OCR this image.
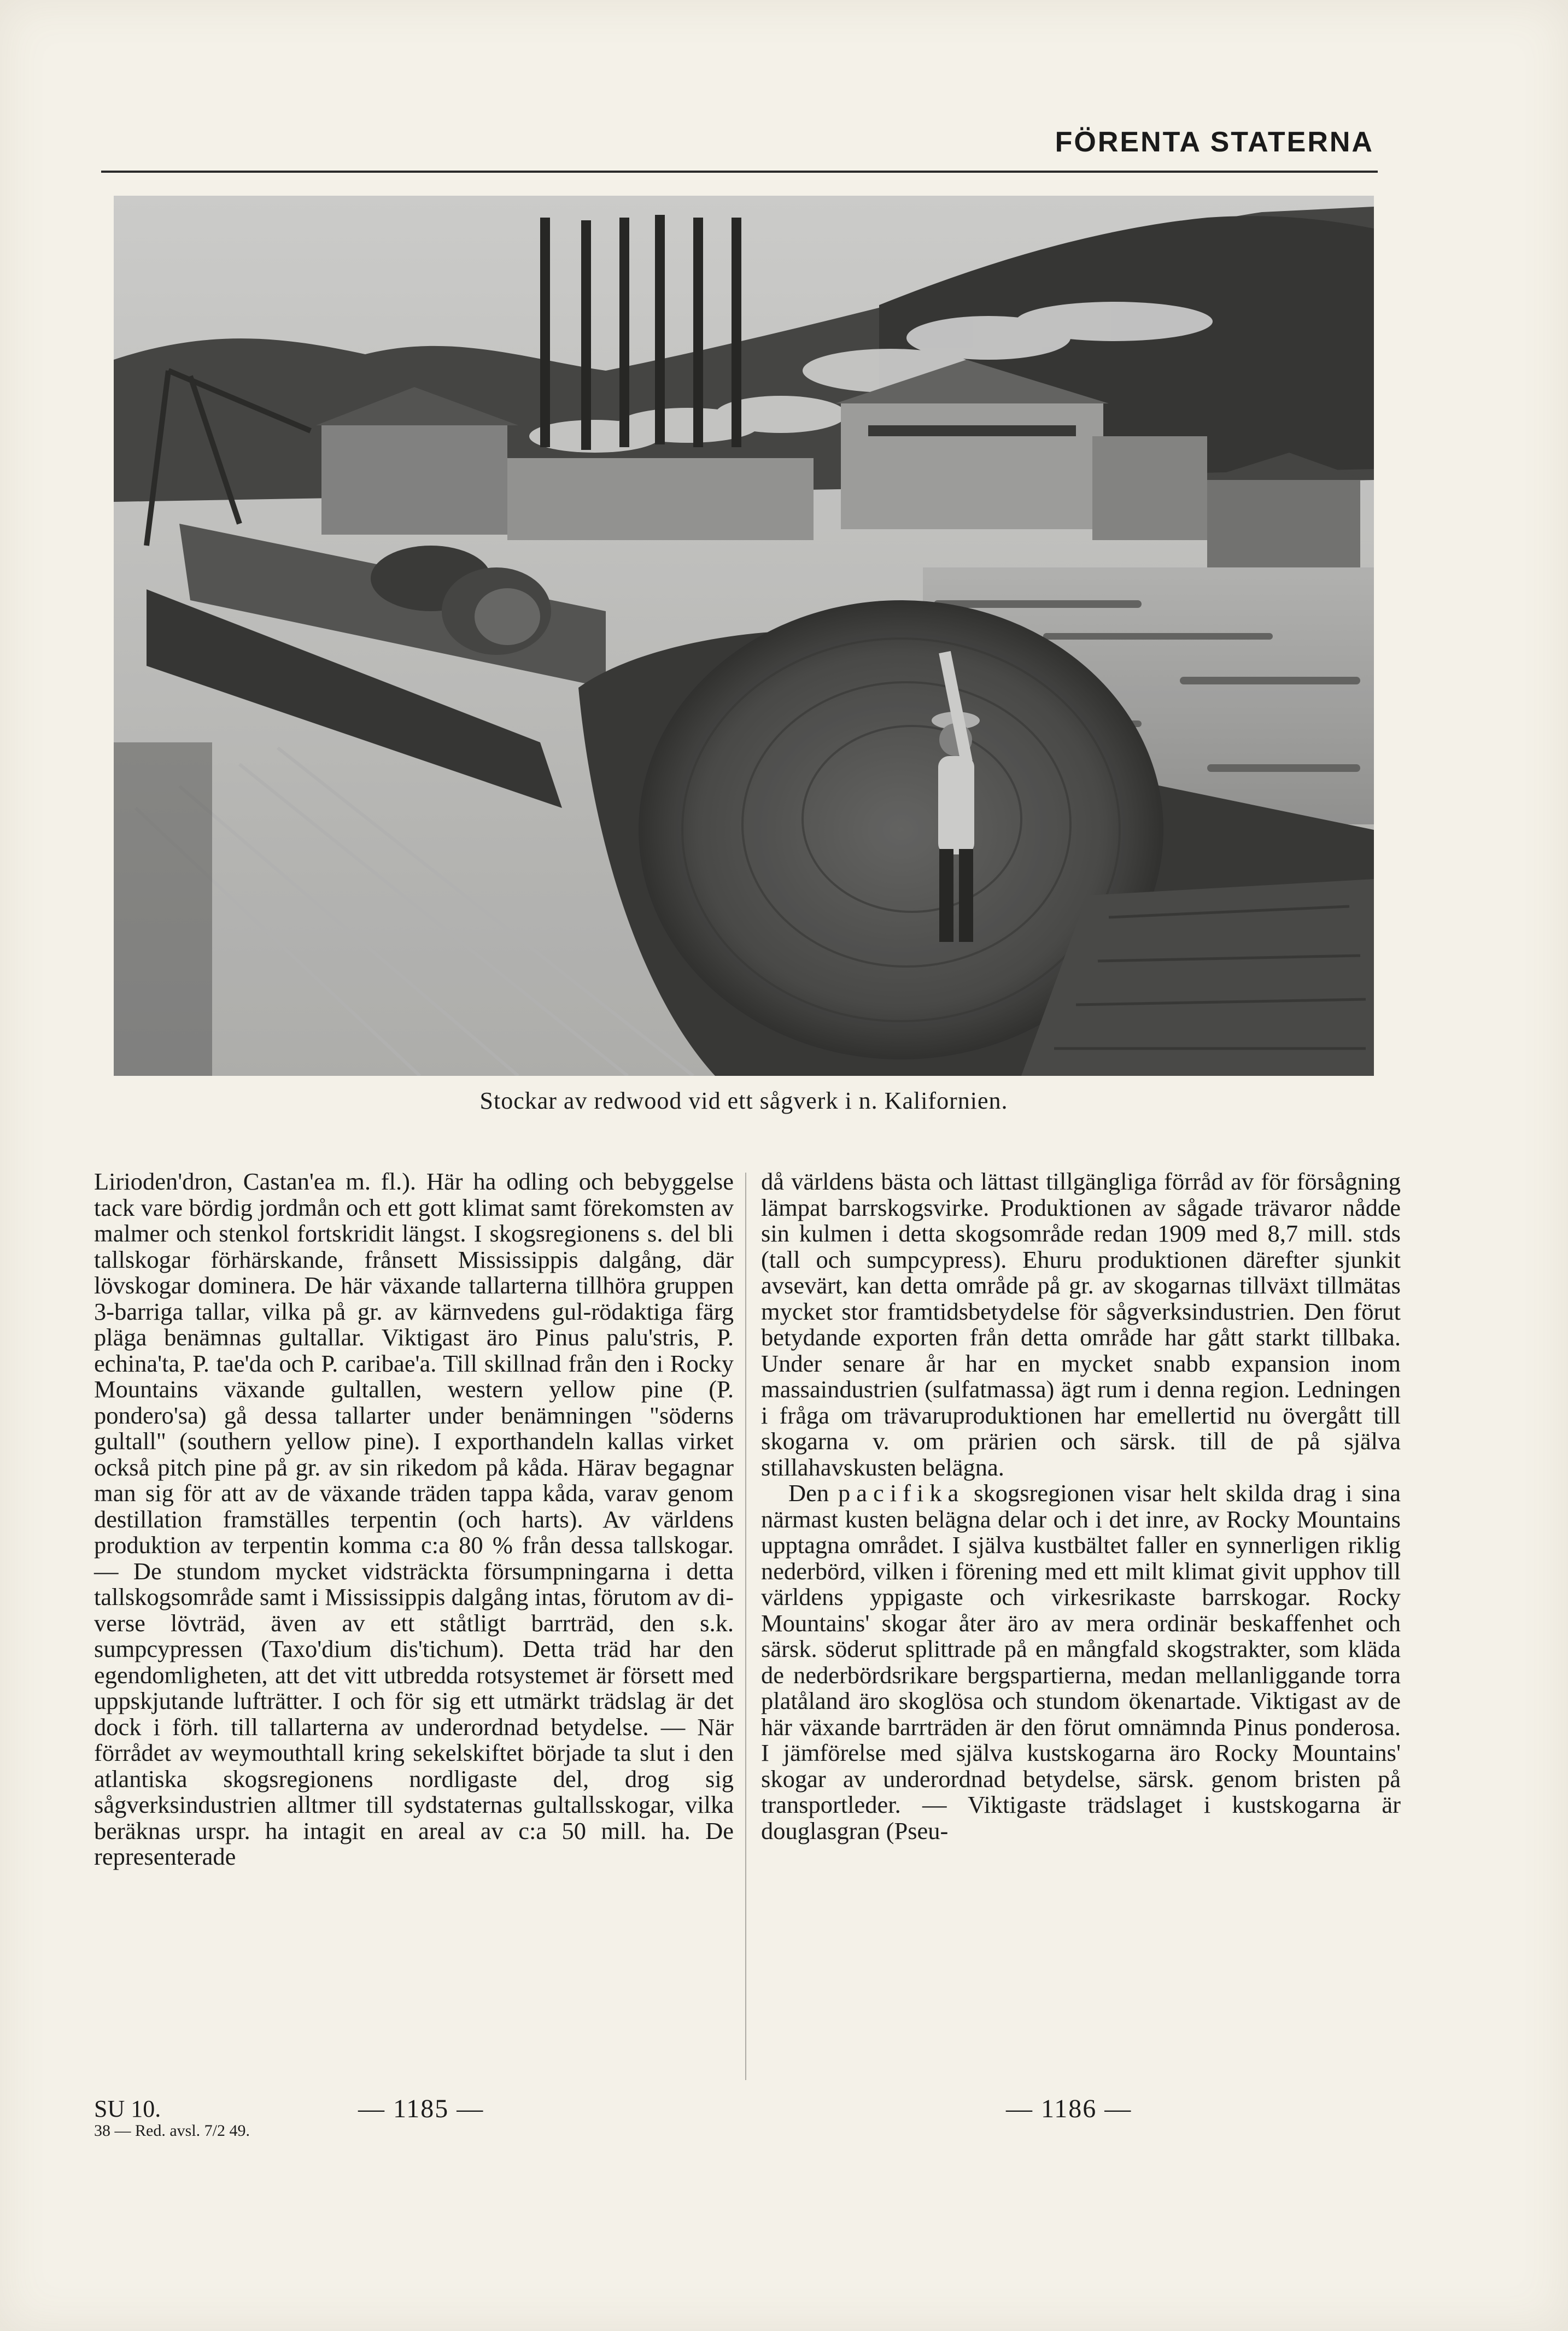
FÖRENTA STATERNA
Stockar av redwood vid ett sågverk i n. Kalifornien.

Lirioden'dron, Castan'ea m. fl.). Här ha odling och bebyggelse tack vare bördig jordmån och ett gott klimat samt förekomsten av malmer och stenkol fortskridit längst. I skogsregionens s. del bli tallskogar förhärskande, frånsett Mississippis dalgång, där lövskogar dominera. De här växande tallarterna tillhöra gruppen 3-barriga tallar, vilka på gr. av kärnvedens gul-rödaktiga färg pläga benämnas gultallar. Viktigast äro Pinus palu'stris, P. echina'ta, P. tae'da och P. caribae'a. Till skillnad från den i Rocky Mountains växande gultallen, western yellow pine (P. pondero'sa) gå dessa tallarter under benämningen "söderns gultall" (southern yellow pine). I exporthandeln kallas virket också pitch pine på gr. av sin rikedom på kåda. Härav begagnar man sig för att av de växande träden tappa kåda, varav genom destillation framställes terpentin (och harts). Av världens produktion av terpentin komma c:a 80 % från dessa tallskogar. — De stundom mycket vidsträckta försumpningarna i detta tallskogsområde samt i Mississippis dalgång intas, förutom av diverse lövträd, även av ett ståtligt barrträd, den s.k. sumpcypressen (Taxo'dium dis'tichum). Detta träd har den egendomligheten, att det vitt utbredda rotsystemet är försett med uppskjutande lufträtter. I och för sig ett utmärkt trädslag är det dock i förh. till tallarterna av underordnad betydelse. — När förrådet av weymouthtall kring sekelskiftet började ta slut i den atlantiska skogsregionens nordligaste del, drog sig sågverksindustrien alltmer till sydstaternas gultallsskogar, vilka beräknas urspr. ha intagit en areal av c:a 50 mill. ha. De representerade

då världens bästa och lättast tillgängliga förråd av för försågning lämpat barrskogsvirke. Produktionen av sågade trävaror nådde sin kulmen i detta skogsområde redan 1909 med 8,7 mill. stds (tall och sumpcypress). Ehuru produktionen därefter sjunkit avsevärt, kan detta område på gr. av skogarnas tillväxt tillmätas mycket stor framtidsbetydelse för sågverksindustrien. Den förut betydande exporten från detta område har gått starkt tillbaka. Under senare år har en mycket snabb expansion inom massaindustrien (sulfatmassa) ägt rum i denna region. Ledningen i fråga om trävaruproduktionen har emellertid nu övergått till skogarna v. om prärien och särsk. till de på själva stillahavskusten belägna.

Den pacifika skogsregionen visar helt skilda drag i sina närmast kusten belägna delar och i det inre, av Rocky Mountains upptagna området. I själva kustbältet faller en synnerligen riklig nederbörd, vilken i förening med ett milt klimat givit upphov till världens yppigaste och virkesrikaste barrskogar. Rocky Mountains' skogar åter äro av mera ordinär beskaffenhet och särsk. söderut splittrade på en mångfald skogstrakter, som kläda de nederbördsrikare bergspartierna, medan mellanliggande torra platåland äro skoglösa och stundom ökenartade. Viktigast av de här växande barrträden är den förut omnämnda Pinus ponderosa. I jämförelse med själva kustskogarna äro Rocky Mountains' skogar av underordnad betydelse, särsk. genom bristen på transportleder. — Viktigaste trädslaget i kustskogarna är douglasgran (Pseu-

SU 10.
38 — Red. avsl. 7/2 49.
— 1185 —	— 1186 —
